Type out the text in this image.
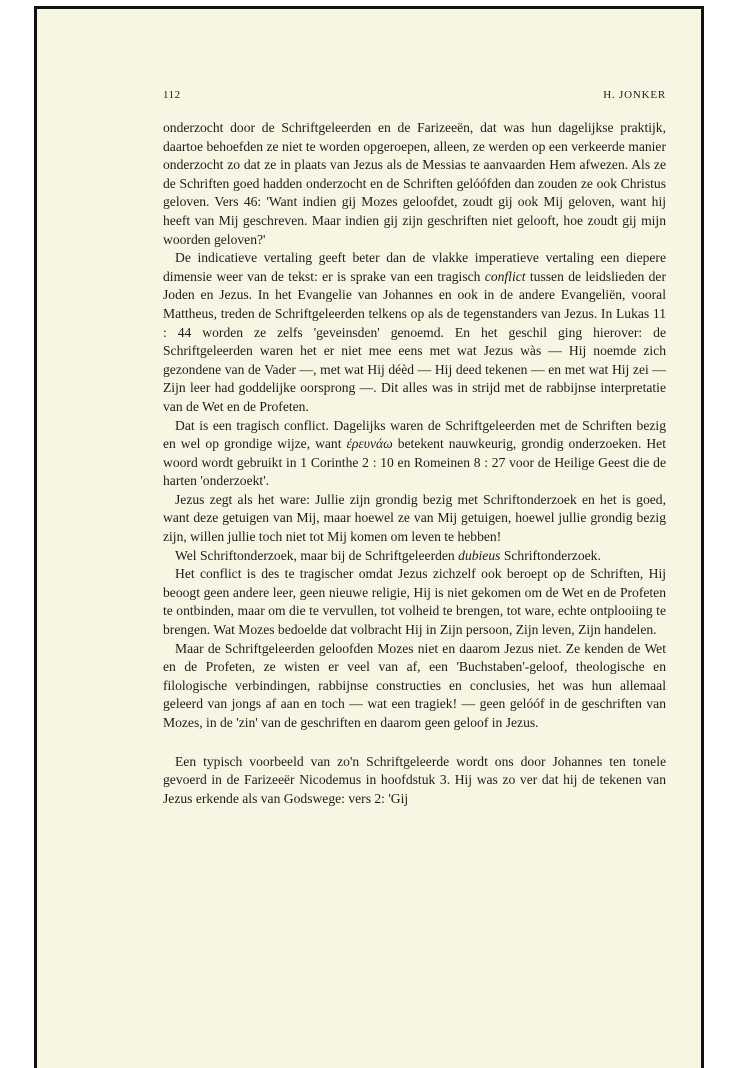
112	H. JONKER

onderzocht door de Schriftgeleerden en de Farizeeën, dat was hun dagelijkse praktijk, daartoe behoefden ze niet te worden opgeroepen, alleen, ze werden op een verkeerde manier onderzocht zo dat ze in plaats van Jezus als de Messias te aanvaarden Hem afwezen. Als ze de Schriften goed hadden onderzocht en de Schriften gelóófden dan zouden ze ook Christus geloven. Vers 46: 'Want indien gij Mozes geloofdet, zoudt gij ook Mij geloven, want hij heeft van Mij geschreven. Maar indien gij zijn geschriften niet gelooft, hoe zoudt gij mijn woorden geloven?'

De indicatieve vertaling geeft beter dan de vlakke imperatieve vertaling een diepere dimensie weer van de tekst: er is sprake van een tragisch conflict tussen de leidslieden der Joden en Jezus. In het Evangelie van Johannes en ook in de andere Evangeliën, vooral Mattheus, treden de Schriftgeleerden telkens op als de tegenstanders van Jezus. In Lukas 11 : 44 worden ze zelfs 'geveinsden' genoemd. En het geschil ging hierover: de Schriftgeleerden waren het er niet mee eens met wat Jezus wàs — Hij noemde zich gezondene van de Vader —, met wat Hij déèd — Hij deed tekenen — en met wat Hij zei — Zijn leer had goddelijke oorsprong —. Dit alles was in strijd met de rabbijnse interpretatie van de Wet en de Profeten.

Dat is een tragisch conflict. Dagelijks waren de Schriftgeleerden met de Schriften bezig en wel op grondige wijze, want ἐρευνάω betekent nauwkeurig, grondig onderzoeken. Het woord wordt gebruikt in 1 Corinthe 2 : 10 en Romeinen 8 : 27 voor de Heilige Geest die de harten 'onderzoekt'.

Jezus zegt als het ware: Jullie zijn grondig bezig met Schriftonderzoek en het is goed, want deze getuigen van Mij, maar hoewel ze van Mij getuigen, hoewel jullie grondig bezig zijn, willen jullie toch niet tot Mij komen om leven te hebben!

Wel Schriftonderzoek, maar bij de Schriftgeleerden dubieus Schriftonderzoek.

Het conflict is des te tragischer omdat Jezus zichzelf ook beroept op de Schriften, Hij beoogt geen andere leer, geen nieuwe religie, Hij is niet gekomen om de Wet en de Profeten te ontbinden, maar om die te vervullen, tot volheid te brengen, tot ware, echte ontplooiing te brengen. Wat Mozes bedoelde dat volbracht Hij in Zijn persoon, Zijn leven, Zijn handelen.

Maar de Schriftgeleerden geloofden Mozes niet en daarom Jezus niet. Ze kenden de Wet en de Profeten, ze wisten er veel van af, een 'Buchstaben'-geloof, theologische en filologische verbindingen, rabbijnse constructies en conclusies, het was hun allemaal geleerd van jongs af aan en toch — wat een tragiek! — geen gelóóf in de geschriften van Mozes, in de 'zin' van de geschriften en daarom geen geloof in Jezus.

Een typisch voorbeeld van zo'n Schriftgeleerde wordt ons door Johannes ten tonele gevoerd in de Farizeeër Nicodemus in hoofdstuk 3. Hij was zo ver dat hij de tekenen van Jezus erkende als van Godswege: vers 2: 'Gij
